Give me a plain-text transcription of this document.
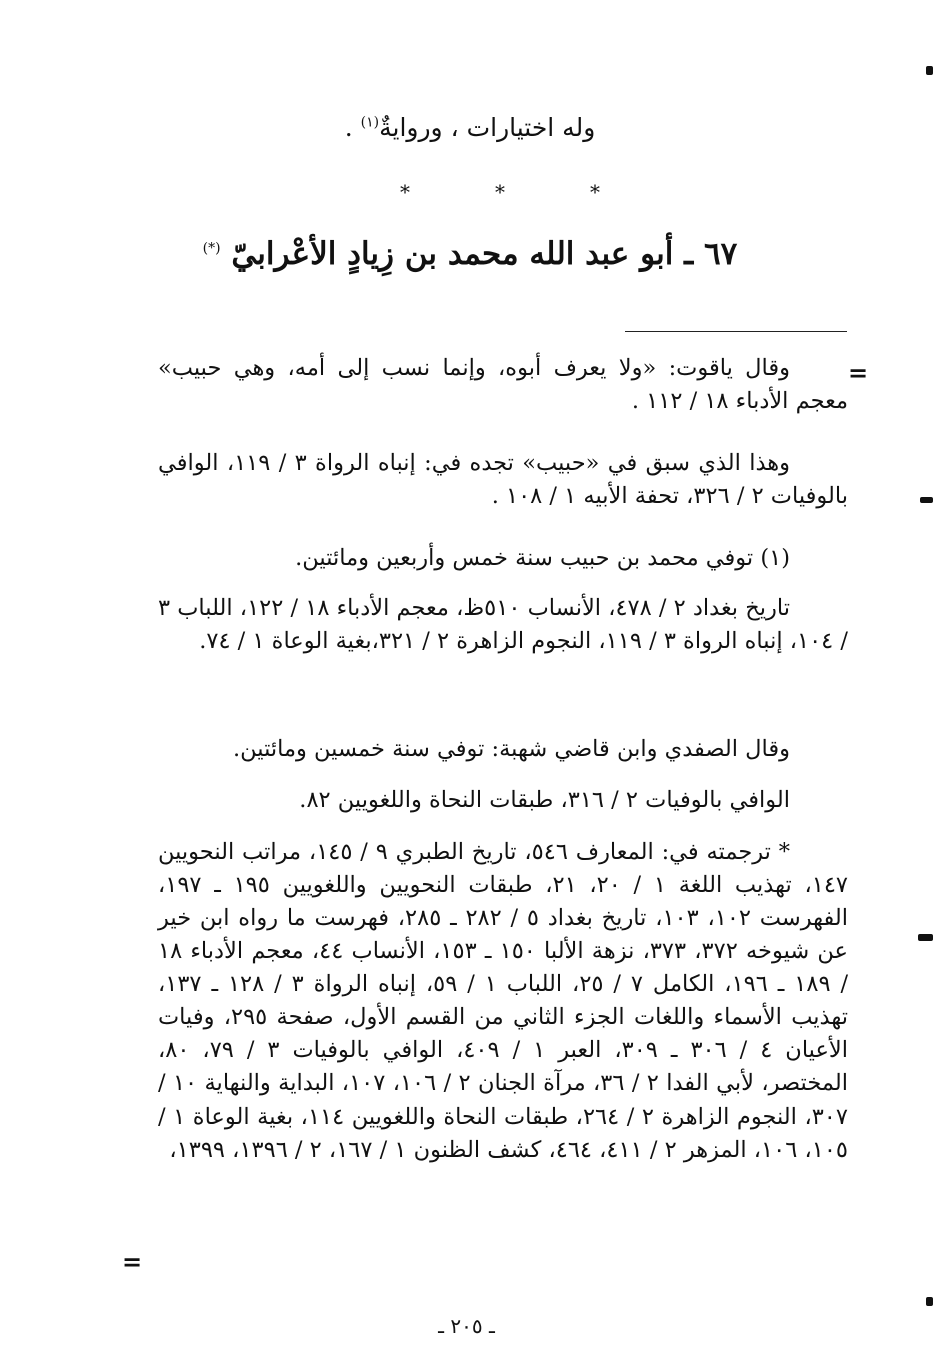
وله اختيارات ، وروايةٌ$^{(١)}$ .
*	*	*
٦٧ ـ أبو عبد الله محمد بن زِيادٍ الأعْرابيّ (*)
=

وقال ياقوت: «ولا يعرف أبوه، وإنما نسب إلى أمه، وهي حبيب» معجم الأدباء ١٨ / ١١٢ .

وهذا الذي سبق في «حبيب» تجده في: إنباه الرواة ٣ / ١١٩، الوافي بالوفيات ٢ / ٣٢٦، تحفة الأبيه ١ / ١٠٨ .

(١) توفي محمد بن حبيب سنة خمس وأربعين ومائتين.

تاريخ بغداد ٢ / ٤٧٨، الأنساب ٥١٠ظ، معجم الأدباء ١٨ / ١٢٢، اللباب ٣ / ١٠٤، إنباه الرواة ٣ / ١١٩، النجوم الزاهرة ٢ / ٣٢١،بغية الوعاة ١ / ٧٤.

وقال الصفدي وابن قاضي شهبة: توفي سنة خمسين ومائتين.

الوافي بالوفيات ٢ / ٣١٦، طبقات النحاة واللغويين ٨٢.

* ترجمته في: المعارف ٥٤٦، تاريخ الطبري ٩ / ١٤٥، مراتب النحويين ١٤٧، تهذيب اللغة ١ / ٢٠، ٢١، طبقات النحويين واللغويين ١٩٥ ـ ١٩٧، الفهرست ١٠٢، ١٠٣، تاريخ بغداد ٥ / ٢٨٢ ـ ٢٨٥، فهرست ما رواه ابن خير عن شيوخه ٣٧٢، ٣٧٣، نزهة الألبا ١٥٠ ـ ١٥٣، الأنساب ٤٤، معجم الأدباء ١٨ / ١٨٩ ـ ١٩٦، الكامل ٧ / ٢٥، اللباب ١ / ٥٩، إنباه الرواة ٣ / ١٢٨ ـ ١٣٧، تهذيب الأسماء واللغات الجزء الثاني من القسم الأول، صفحة ٢٩٥، وفيات الأعيان ٤ / ٣٠٦ ـ ٣٠٩، العبر ١ / ٤٠٩، الوافي بالوفيات ٣ / ٧٩، ٨٠، المختصر، لأبي الفدا ٢ / ٣٦، مرآة الجنان ٢ / ١٠٦، ١٠٧، البداية والنهاية ١٠ / ٣٠٧، النجوم الزاهرة ٢ / ٢٦٤، طبقات النحاة واللغويين ١١٤، بغية الوعاة ١ / ١٠٥، ١٠٦، المزهر ٢ / ٤١١، ٤٦٤، كشف الظنون ١ / ١٦٧، ٢ / ١٣٩٦، ١٣٩٩،

=
ـ ٢٠٥ ـ
